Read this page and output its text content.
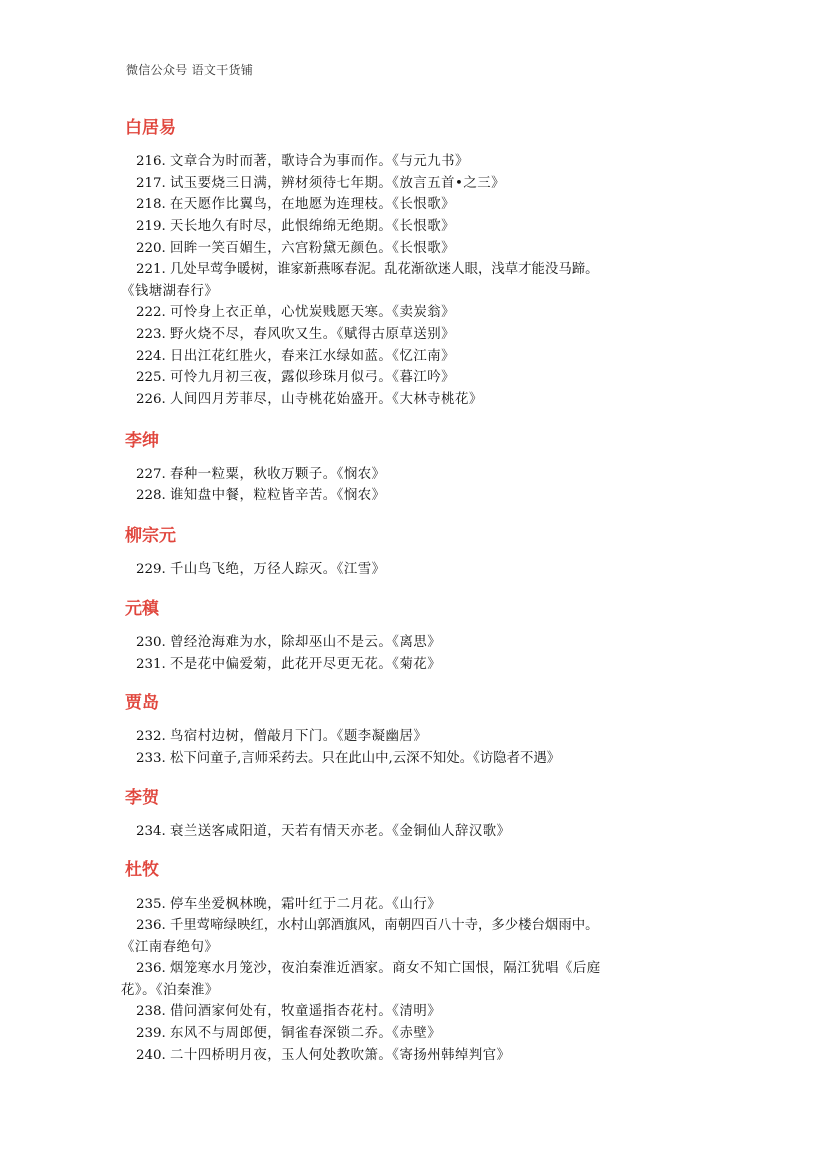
微信公众号 语文干货铺
白居易
216. 文章合为时而著，歌诗合为事而作。《与元九书》
217. 试玉要烧三日满，辨材须待七年期。《放言五首•之三》
218. 在天愿作比翼鸟，在地愿为连理枝。《长恨歌》
219. 天长地久有时尽，此恨绵绵无绝期。《长恨歌》
220. 回眸一笑百媚生，六宫粉黛无颜色。《长恨歌》
221. 几处早莺争暖树，谁家新燕啄春泥。乱花渐欲迷人眼，浅草才能没马蹄。
《钱塘湖春行》
222. 可怜身上衣正单，心忧炭贱愿天寒。《卖炭翁》
223. 野火烧不尽，春风吹又生。《赋得古原草送别》
224. 日出江花红胜火，春来江水绿如蓝。《忆江南》
225. 可怜九月初三夜，露似珍珠月似弓。《暮江吟》
226. 人间四月芳菲尽，山寺桃花始盛开。《大林寺桃花》
李绅
227. 春种一粒粟，秋收万颗子。《悯农》
228. 谁知盘中餐，粒粒皆辛苦。《悯农》
柳宗元
229. 千山鸟飞绝，万径人踪灭。《江雪》
元稹
230. 曾经沧海难为水，除却巫山不是云。《离思》
231. 不是花中偏爱菊，此花开尽更无花。《菊花》
贾岛
232. 鸟宿村边树，僧敲月下门。《题李凝幽居》
233. 松下问童子,言师采药去。只在此山中,云深不知处。《访隐者不遇》
李贺
234. 衰兰送客咸阳道，天若有情天亦老。《金铜仙人辞汉歌》
杜牧
235. 停车坐爱枫林晚，霜叶红于二月花。《山行》
236. 千里莺啼绿映红，水村山郭酒旗风，南朝四百八十寺，多少楼台烟雨中。
《江南春绝句》
236. 烟笼寒水月笼沙，夜泊秦淮近酒家。商女不知亡国恨，隔江犹唱《后庭
花》。《泊秦淮》
238. 借问酒家何处有，牧童遥指杏花村。《清明》
239. 东风不与周郎便，铜雀春深锁二乔。《赤壁》
240. 二十四桥明月夜，玉人何处教吹箫。《寄扬州韩绰判官》
